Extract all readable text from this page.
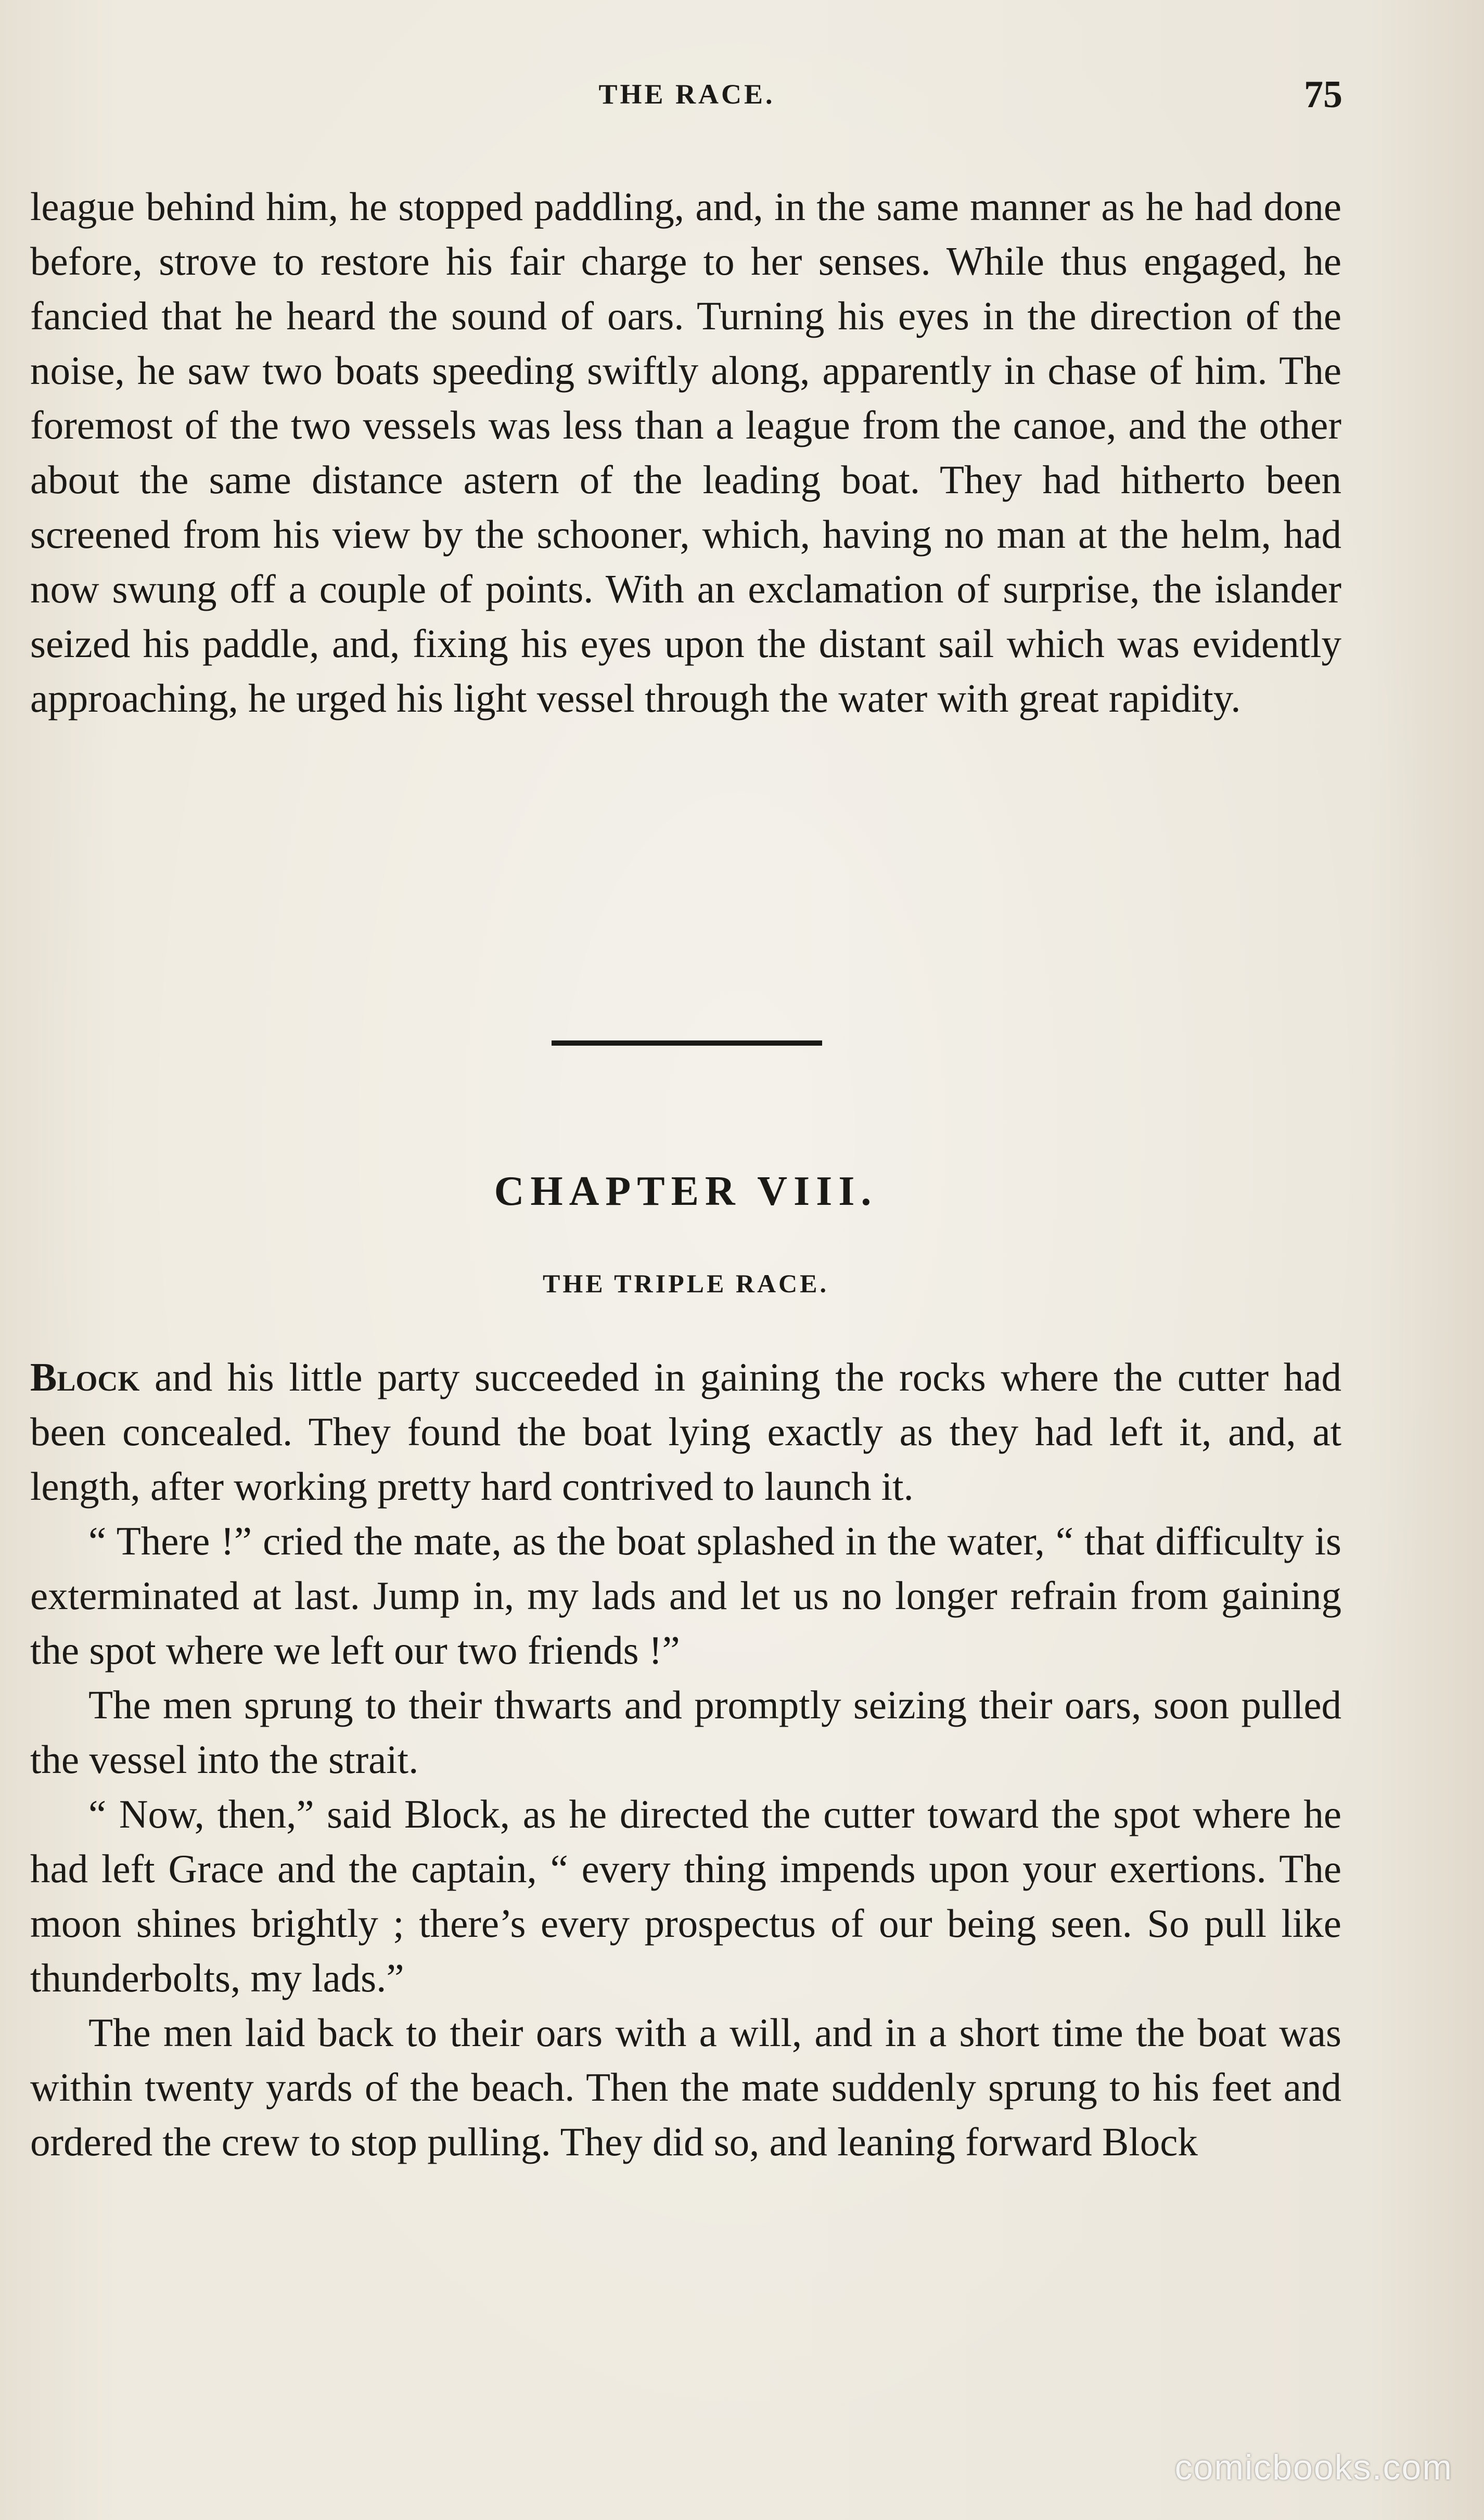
THE RACE.	75

league behind him, he stopped paddling, and, in the same manner as he had done before, strove to restore his fair charge to her senses. While thus engaged, he fancied that he heard the sound of oars. Turning his eyes in the direction of the noise, he saw two boats speeding swiftly along, apparently in chase of him. The foremost of the two vessels was less than a league from the canoe, and the other about the same distance astern of the leading boat. They had hitherto been screened from his view by the schooner, which, having no man at the helm, had now swung off a couple of points. With an exclamation of surprise, the islander seized his paddle, and, fixing his eyes upon the distant sail which was evidently approaching, he urged his light vessel through the water with great rapidity.

CHAPTER VIII.
THE TRIPLE RACE.

Block and his little party succeeded in gaining the rocks where the cutter had been concealed. They found the boat lying exactly as they had left it, and, at length, after working pretty hard contrived to launch it.

“ There !” cried the mate, as the boat splashed in the water, “ that difficulty is exterminated at last. Jump in, my lads and let us no longer refrain from gaining the spot where we left our two friends !”

The men sprung to their thwarts and promptly seizing their oars, soon pulled the vessel into the strait.

“ Now, then,” said Block, as he directed the cutter toward the spot where he had left Grace and the captain, “ every thing impends upon your exertions. The moon shines brightly ; there’s every prospectus of our being seen. So pull like thunderbolts, my lads.”

The men laid back to their oars with a will, and in a short time the boat was within twenty yards of the beach. Then the mate suddenly sprung to his feet and ordered the crew to stop pulling. They did so, and leaning forward Block

comicbooks.com
